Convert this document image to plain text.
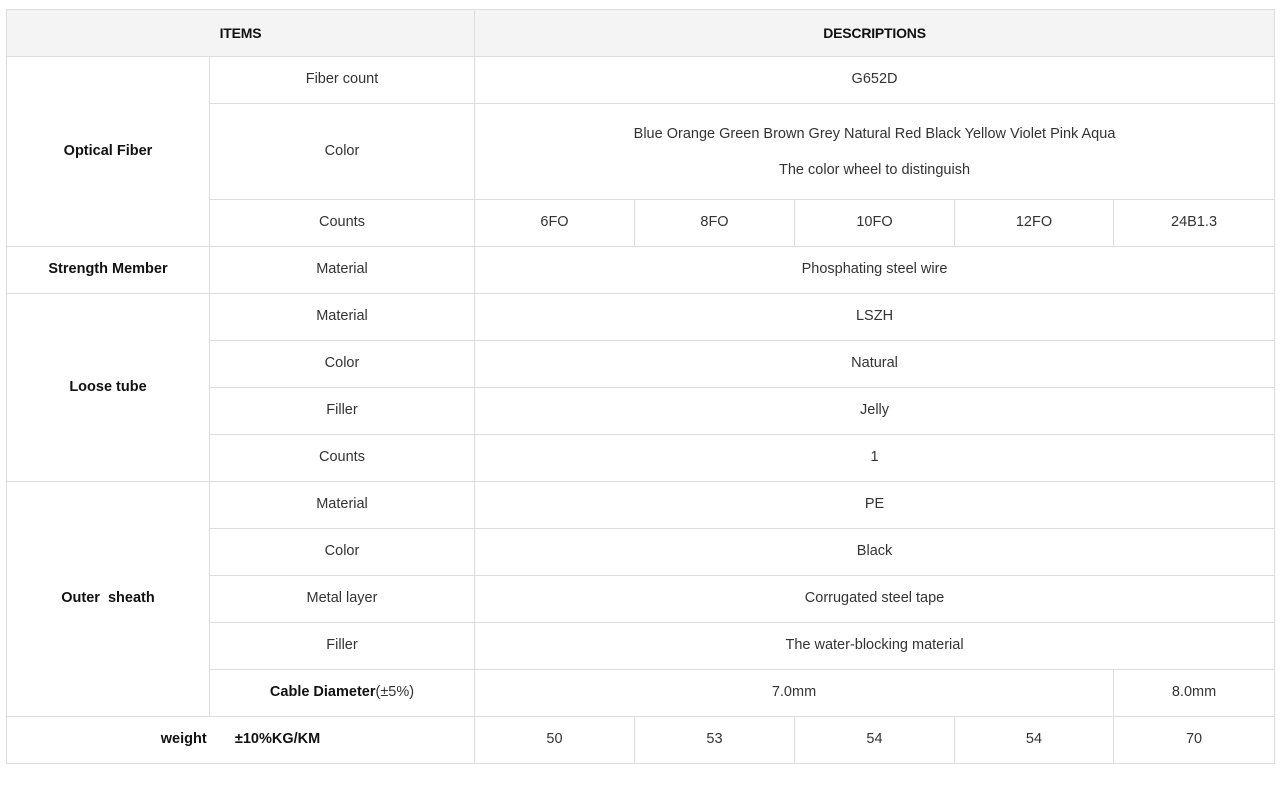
ITEMS		DESCRIPTIONS				
Optical Fiber	Fiber count	G652D				
	Color	Blue Orange Green Brown Grey Natural Red Black Yellow Violet Pink Aqua
The color wheel to distinguish				

	Counts	6FO	8FO	10FO	12FO	24B1.3
Strength Member	Material	Phosphating steel wire				
Loose tube	Material	LSZH				
	Color	Natural				
	Filler	Jelly				
	Counts	1				
Outer  sheath	Material	PE				
	Color	Black				
	Metal layer	Corrugated steel tape				
	Filler	The water-blocking material				
	Cable Diameter(±5%)	7.0mm				8.0mm
weight       ±10%KG/KM		50	53	54	54	70
